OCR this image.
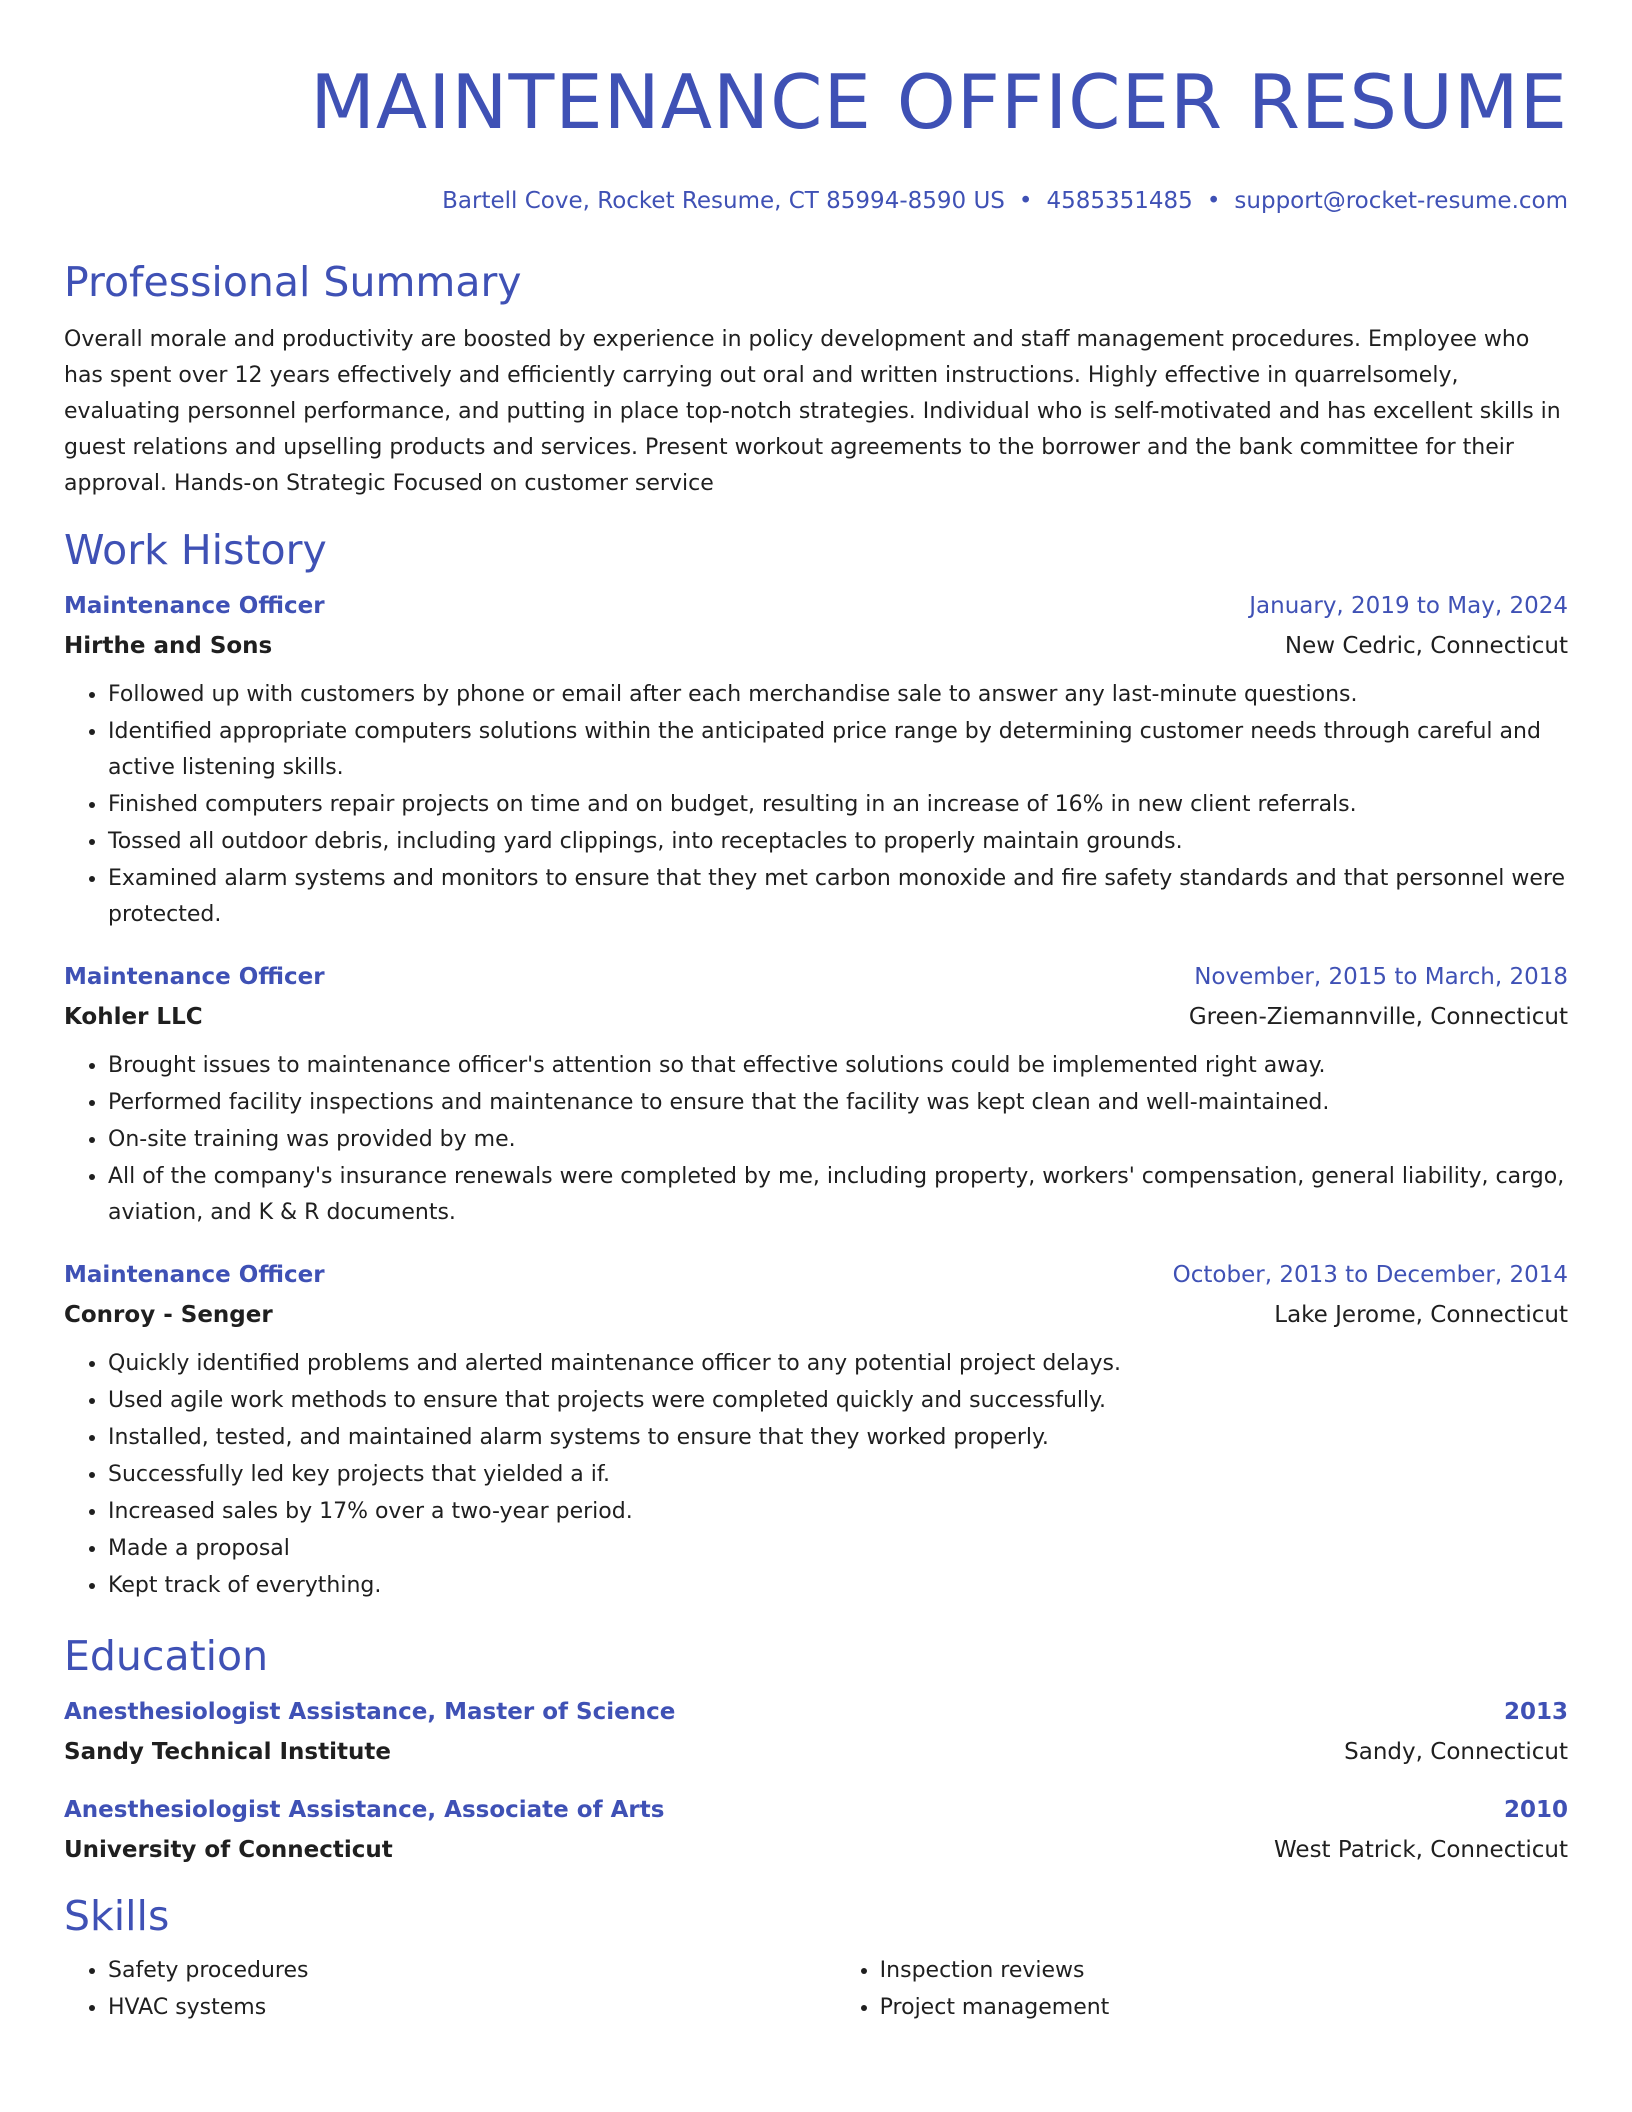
MAINTENANCE OFFICER RESUME
Bartell Cove, Rocket Resume, CT 85994-8590 US • 4585351485 • support@rocket-resume.com
Professional Summary

Overall morale and productivity are boosted by experience in policy development and staff management procedures. Employee who has spent over 12 years effectively and efficiently carrying out oral and written instructions. Highly effective in quarrelsomely, evaluating personnel performance, and putting in place top-notch strategies. Individual who is self-motivated and has excellent skills in guest relations and upselling products and services. Present workout agreements to the borrower and the bank committee for their approval. Hands-on Strategic Focused on customer service

Work History
Maintenance Officer	January, 2019 to May, 2024
Hirthe and Sons	New Cedric, Connecticut
• Followed up with customers by phone or email after each merchandise sale to answer any last-minute questions.
• Identified appropriate computers solutions within the anticipated price range by determining customer needs through careful and active listening skills.
• Finished computers repair projects on time and on budget, resulting in an increase of 16% in new client referrals.
• Tossed all outdoor debris, including yard clippings, into receptacles to properly maintain grounds.
• Examined alarm systems and monitors to ensure that they met carbon monoxide and fire safety standards and that personnel were protected.
Maintenance Officer	November, 2015 to March, 2018
Kohler LLC	Green-Ziemannville, Connecticut
• Brought issues to maintenance officer's attention so that effective solutions could be implemented right away.
• Performed facility inspections and maintenance to ensure that the facility was kept clean and well-maintained.
• On-site training was provided by me.
• All of the company's insurance renewals were completed by me, including property, workers' compensation, general liability, cargo, aviation, and K & R documents.
Maintenance Officer	October, 2013 to December, 2014
Conroy - Senger	Lake Jerome, Connecticut
• Quickly identified problems and alerted maintenance officer to any potential project delays.
• Used agile work methods to ensure that projects were completed quickly and successfully.
• Installed, tested, and maintained alarm systems to ensure that they worked properly.
• Successfully led key projects that yielded a if.
• Increased sales by 17% over a two-year period.
• Made a proposal
• Kept track of everything.
Education
Anesthesiologist Assistance, Master of Science	2013
Sandy Technical Institute	Sandy, Connecticut
Anesthesiologist Assistance, Associate of Arts	2010
University of Connecticut	West Patrick, Connecticut
Skills
• Safety procedures
• HVAC systems
• Inspection reviews
• Project management
